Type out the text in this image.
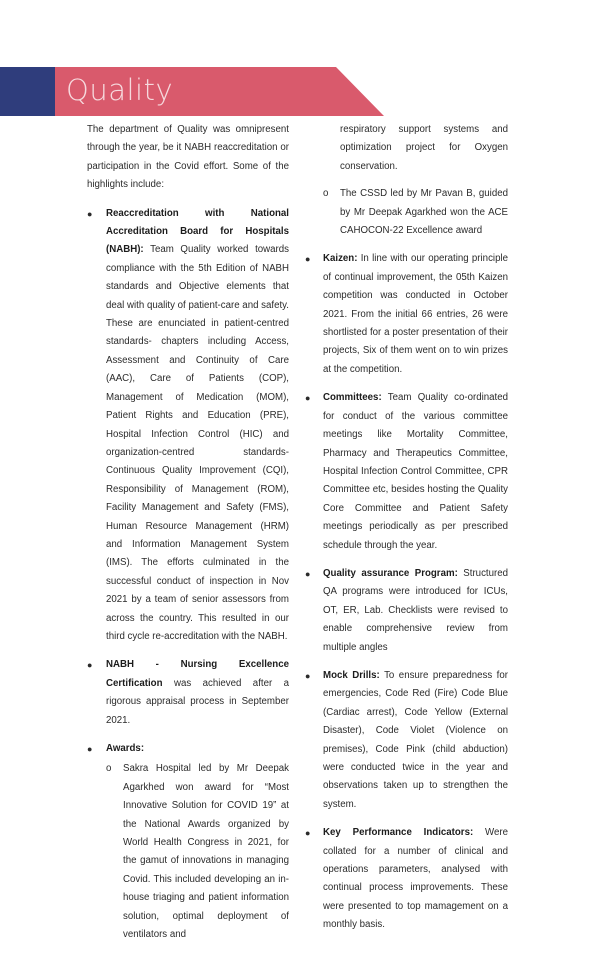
Quality

The department of Quality was omnipresent through the year, be it NABH reaccreditation or participation in the Covid effort. Some of the highlights include:

● Reaccreditation with National Accreditation Board for Hospitals (NABH): Team Quality worked towards compliance with the 5th Edition of NABH standards and Objective elements that deal with quality of patient-care and safety. These are enunciated in patient-centred standards- chapters including Access, Assessment and Continuity of Care (AAC), Care of Patients (COP), Management of Medication (MOM), Patient Rights and Education (PRE), Hospital Infection Control (HIC) and organization-centred standards- Continuous Quality Improvement (CQI), Responsibility of Management (ROM), Facility Management and Safety (FMS), Human Resource Management (HRM) and Information Management System (IMS). The efforts culminated in the successful conduct of inspection in Nov 2021 by a team of senior assessors from across the country. This resulted in our third cycle re-accreditation with the NABH.
● NABH - Nursing Excellence Certification was achieved after a rigorous appraisal process in September 2021.
● Awards:
o Sakra Hospital led by Mr Deepak Agarkhed won award for “Most Innovative Solution for COVID 19” at the National Awards organized by World Health Congress in 2021, for the gamut of innovations in managing Covid. This included developing an in-house triaging and patient information solution, optimal deployment of ventilators and
respiratory support systems and optimization project for Oxygen conservation.
o The CSSD led by Mr Pavan B, guided by Mr Deepak Agarkhed won the ACE CAHOCON-22 Excellence award
● Kaizen: In line with our operating principle of continual improvement, the 05th Kaizen competition was conducted in October 2021. From the initial 66 entries, 26 were shortlisted for a poster presentation of their projects, Six of them went on to win prizes at the competition.
● Committees: Team Quality co-ordinated for conduct of the various committee meetings like Mortality Committee, Pharmacy and Therapeutics Committee, Hospital Infection Control Committee, CPR Committee etc, besides hosting the Quality Core Committee and Patient Safety meetings periodically as per prescribed schedule through the year.
● Quality assurance Program: Structured QA programs were introduced for ICUs, OT, ER, Lab. Checklists were revised to enable comprehensive review from multiple angles
● Mock Drills: To ensure preparedness for emergencies, Code Red (Fire) Code Blue (Cardiac arrest), Code Yellow (External Disaster), Code Violet (Violence on premises), Code Pink (child abduction) were conducted twice in the year and observations taken up to strengthen the system.
● Key Performance Indicators: Were collated for a number of clinical and operations parameters, analysed with continual process improvements. These were presented to top mamagement on a monthly basis.
